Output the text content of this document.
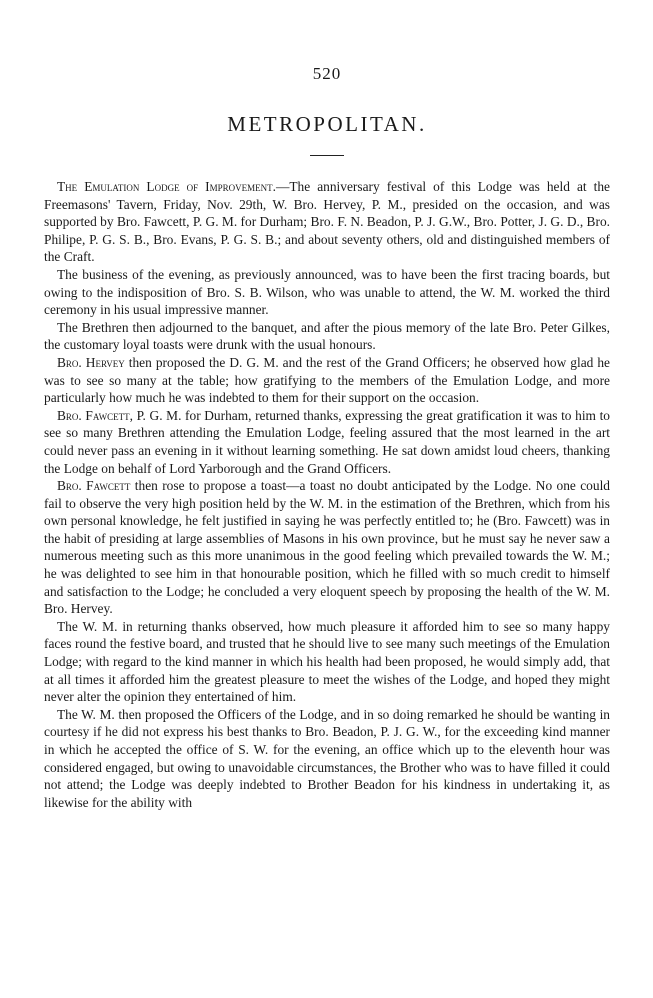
520
METROPOLITAN.

The Emulation Lodge of Improvement.—The anniversary festival of this Lodge was held at the Freemasons' Tavern, Friday, Nov. 29th, W. Bro. Hervey, P. M., presided on the occasion, and was supported by Bro. Fawcett, P. G. M. for Durham; Bro. F. N. Beadon, P. J. G.W., Bro. Potter, J. G. D., Bro. Philipe, P. G. S. B., Bro. Evans, P. G. S. B.; and about seventy others, old and distinguished members of the Craft.

The business of the evening, as previously announced, was to have been the first tracing boards, but owing to the indisposition of Bro. S. B. Wilson, who was unable to attend, the W. M. worked the third ceremony in his usual impressive manner.

The Brethren then adjourned to the banquet, and after the pious memory of the late Bro. Peter Gilkes, the customary loyal toasts were drunk with the usual honours.

Bro. Hervey then proposed the D. G. M. and the rest of the Grand Officers; he observed how glad he was to see so many at the table; how gratifying to the members of the Emulation Lodge, and more particularly how much he was indebted to them for their support on the occasion.

Bro. Fawcett, P. G. M. for Durham, returned thanks, expressing the great gratification it was to him to see so many Brethren attending the Emulation Lodge, feeling assured that the most learned in the art could never pass an evening in it without learning something. He sat down amidst loud cheers, thanking the Lodge on behalf of Lord Yarborough and the Grand Officers.

Bro. Fawcett then rose to propose a toast—a toast no doubt anticipated by the Lodge. No one could fail to observe the very high position held by the W. M. in the estimation of the Brethren, which from his own personal knowledge, he felt justified in saying he was perfectly entitled to; he (Bro. Fawcett) was in the habit of presiding at large assemblies of Masons in his own province, but he must say he never saw a numerous meeting such as this more unanimous in the good feeling which prevailed towards the W. M.; he was delighted to see him in that honourable position, which he filled with so much credit to himself and satisfaction to the Lodge; he concluded a very eloquent speech by proposing the health of the W. M. Bro. Hervey.

The W. M. in returning thanks observed, how much pleasure it afforded him to see so many happy faces round the festive board, and trusted that he should live to see many such meetings of the Emulation Lodge; with regard to the kind manner in which his health had been proposed, he would simply add, that at all times it afforded him the greatest pleasure to meet the wishes of the Lodge, and hoped they might never alter the opinion they entertained of him.

The W. M. then proposed the Officers of the Lodge, and in so doing remarked he should be wanting in courtesy if he did not express his best thanks to Bro. Beadon, P. J. G. W., for the exceeding kind manner in which he accepted the office of S. W. for the evening, an office which up to the eleventh hour was considered engaged, but owing to unavoidable circumstances, the Brother who was to have filled it could not attend; the Lodge was deeply indebted to Brother Beadon for his kindness in undertaking it, as likewise for the ability with
